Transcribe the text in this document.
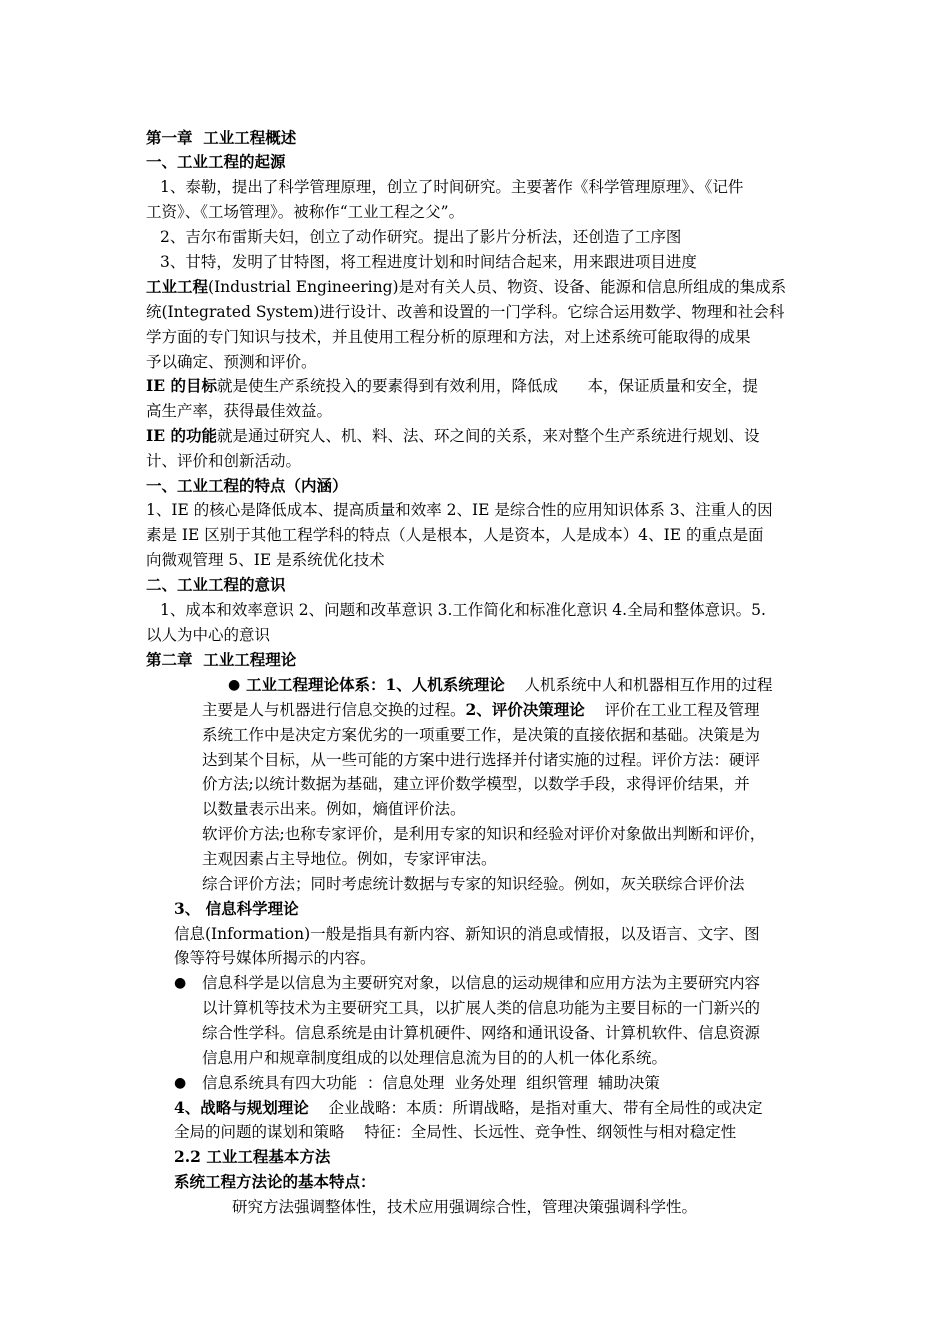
第一章  工业工程概述
一、工业工程的起源
1、泰勒，提出了科学管理原理，创立了时间研究。主要著作《科学管理原理》、《记件
工资》、《工场管理》。被称作“工业工程之父”。
2、吉尔布雷斯夫妇，创立了动作研究。提出了影片分析法，还创造了工序图
3、甘特，发明了甘特图，将工程进度计划和时间结合起来，用来跟进项目进度
工业工程(Industrial Engineering)是对有关人员、物资、设备、能源和信息所组成的集成系
统(Integrated System)进行设计、改善和设置的一门学科。它综合运用数学、物理和社会科
学方面的专门知识与技术，并且使用工程分析的原理和方法，对上述系统可能取得的成果
予以确定、预测和评价。
IE 的目标就是使生产系统投入的要素得到有效利用，降低成      本，保证质量和安全，提
高生产率，获得最佳效益。
IE 的功能就是通过研究人、机、料、法、环之间的关系，来对整个生产系统进行规划、设
计、评价和创新活动。
一、工业工程的特点（内涵）
1、IE 的核心是降低成本、提高质量和效率 2、IE 是综合性的应用知识体系 3、注重人的因
素是 IE 区别于其他工程学科的特点（人是根本，人是资本，人是成本）4、IE 的重点是面
向微观管理 5、IE 是系统优化技术
二、工业工程的意识
1、成本和效率意识 2、问题和改革意识 3.工作简化和标准化意识 4.全局和整体意识。5.
以人为中心的意识
第二章  工业工程理论
● 工业工程理论体系：1、人机系统理论    人机系统中人和机器相互作用的过程
主要是人与机器进行信息交换的过程。2、评价决策理论    评价在工业工程及管理
系统工作中是决定方案优劣的一项重要工作，是决策的直接依据和基础。决策是为
达到某个目标，从一些可能的方案中进行选择并付诸实施的过程。评价方法：硬评
价方法;以统计数据为基础，建立评价数学模型，以数学手段，求得评价结果，并
以数量表示出来。例如，熵值评价法。
软评价方法;也称专家评价，是利用专家的知识和经验对评价对象做出判断和评价，
主观因素占主导地位。例如，专家评审法。
综合评价方法；同时考虑统计数据与专家的知识经验。例如，灰关联综合评价法
3、 信息科学理论
信息(Information)一般是指具有新内容、新知识的消息或情报，以及语言、文字、图
像等符号媒体所揭示的内容。
● 信息科学是以信息为主要研究对象，以信息的运动规律和应用方法为主要研究内容
以计算机等技术为主要研究工具，以扩展人类的信息功能为主要目标的一门新兴的
综合性学科。信息系统是由计算机硬件、网络和通讯设备、计算机软件、信息资源
信息用户和规章制度组成的以处理信息流为目的的人机一体化系统。
● 信息系统具有四大功能  ：信息处理  业务处理  组织管理  辅助决策
4、战略与规划理论    企业战略：本质：所谓战略，是指对重大、带有全局性的或决定
全局的问题的谋划和策略    特征：全局性、长远性、竞争性、纲领性与相对稳定性
2.2 工业工程基本方法
系统工程方法论的基本特点：
研究方法强调整体性，技术应用强调综合性，管理决策强调科学性。
